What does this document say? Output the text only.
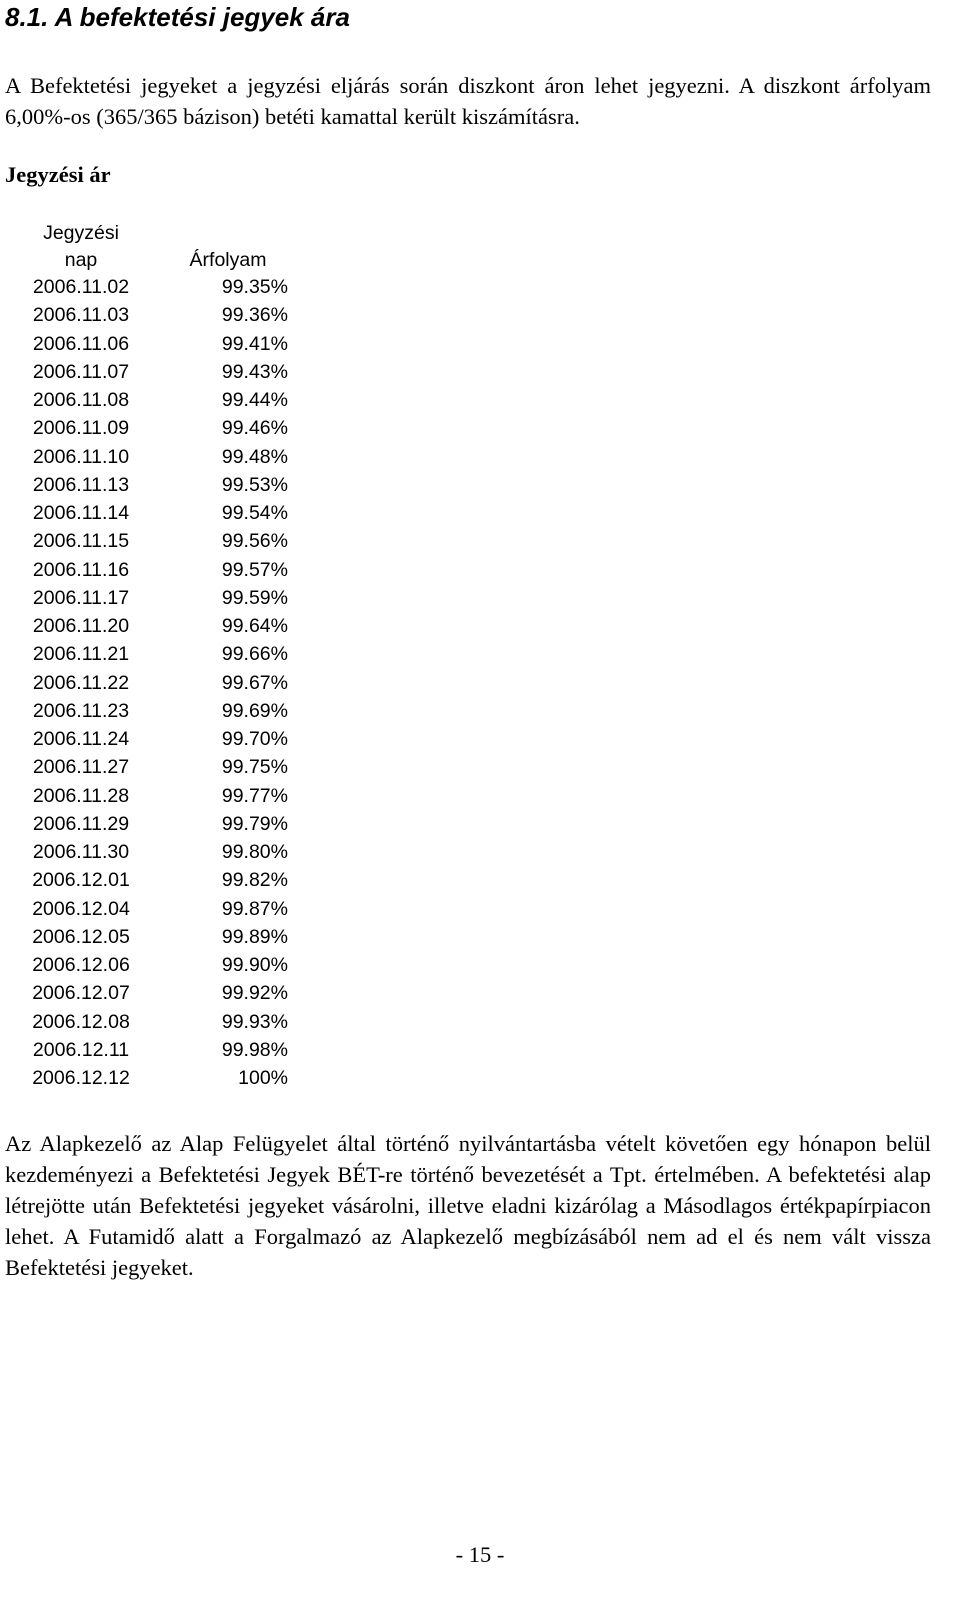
8.1. A befektetési jegyek ára

A Befektetési jegyeket a jegyzési eljárás során diszkont áron lehet jegyezni. A diszkont árfolyam 6,00%-os (365/365 bázison) betéti kamattal került kiszámításra.

Jegyzési ár
Jegyzési	
nap	Árfolyam
2006.11.02	99.35%
2006.11.03	99.36%
2006.11.06	99.41%
2006.11.07	99.43%
2006.11.08	99.44%
2006.11.09	99.46%
2006.11.10	99.48%
2006.11.13	99.53%
2006.11.14	99.54%
2006.11.15	99.56%
2006.11.16	99.57%
2006.11.17	99.59%
2006.11.20	99.64%
2006.11.21	99.66%
2006.11.22	99.67%
2006.11.23	99.69%
2006.11.24	99.70%
2006.11.27	99.75%
2006.11.28	99.77%
2006.11.29	99.79%
2006.11.30	99.80%
2006.12.01	99.82%
2006.12.04	99.87%
2006.12.05	99.89%
2006.12.06	99.90%
2006.12.07	99.92%
2006.12.08	99.93%
2006.12.11	99.98%
2006.12.12	100%

Az Alapkezelő az Alap Felügyelet által történő nyilvántartásba vételt követően egy hónapon belül kezdeményezi a Befektetési Jegyek BÉT-re történő bevezetését a Tpt. értelmében. A befektetési alap létrejötte után Befektetési jegyeket vásárolni, illetve eladni kizárólag a Másodlagos értékpapírpiacon lehet. A Futamidő alatt a Forgalmazó az Alapkezelő megbízásából nem ad el és nem vált vissza Befektetési jegyeket.

- 15 -
